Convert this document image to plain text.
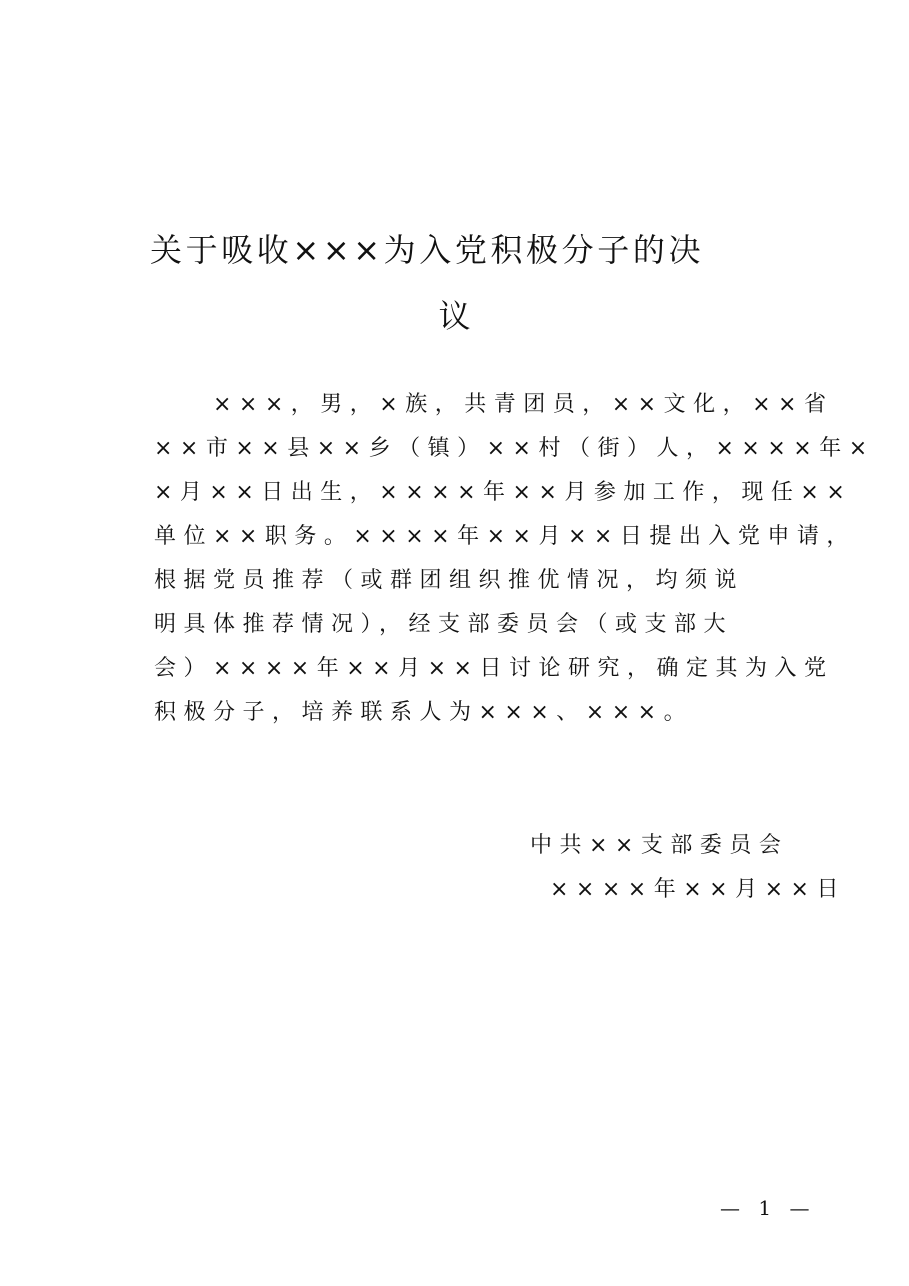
关于吸收×××为入党积极分子的决
议
　　×××，男，×族，共青团员，××文化，××省
××市××县××乡（镇）××村（街）人，××××年×
×月××日出生，××××年××月参加工作，现任××
单位××职务。××××年××月××日提出入党申请，
根据党员推荐（或群团组织推优情况，均须说
明具体推荐情况），经支部委员会（或支部大
会）××××年××月××日讨论研究，确定其为入党
积极分子，培养联系人为×××、×××。
中共××支部委员会
××××年××月××日
— 1 —
